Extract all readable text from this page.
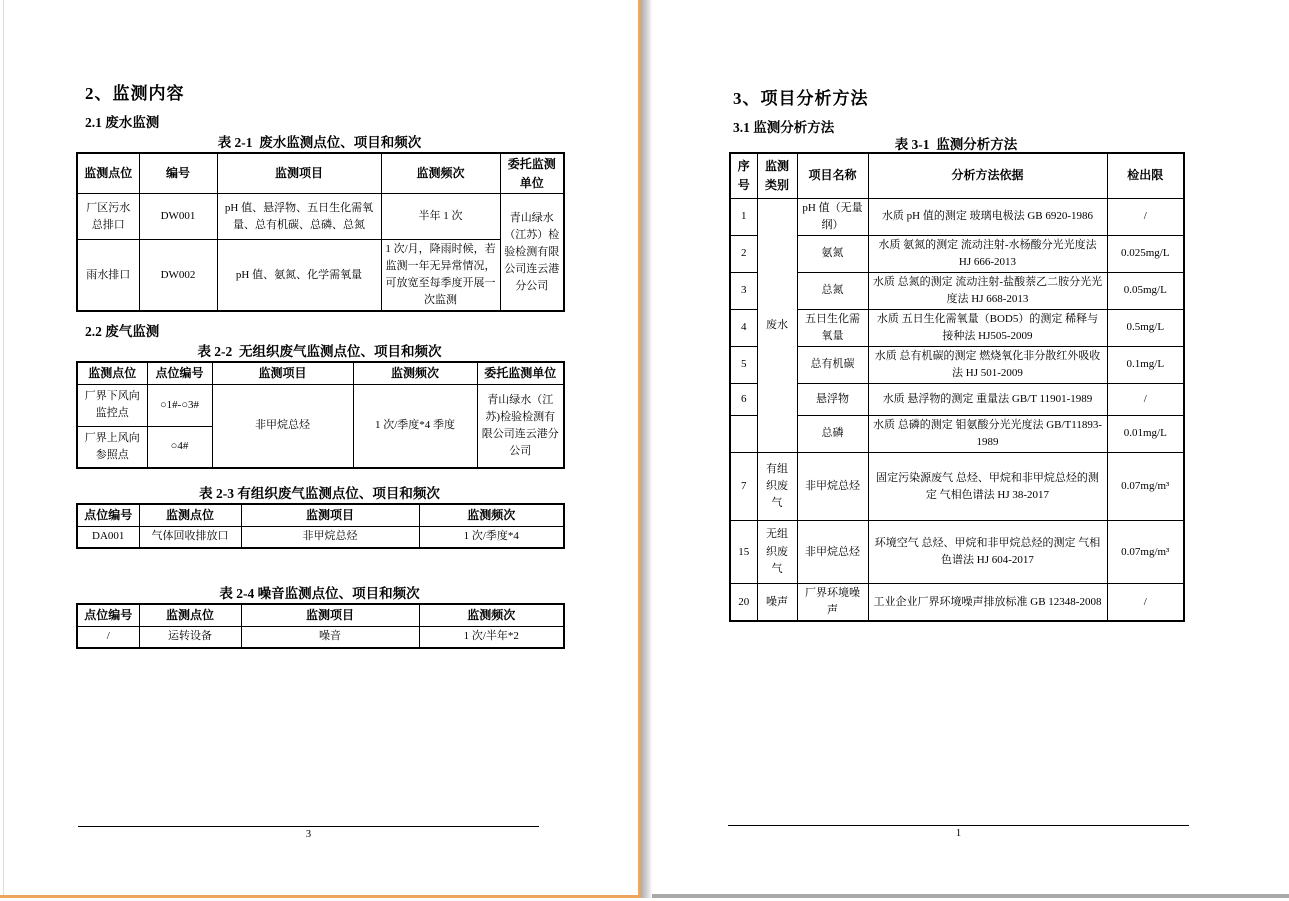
2、监测内容
2.1 废水监测
表 2-1  废水监测点位、项目和频次
监测点位	编号	监测项目	监测频次	委托监测单位
厂区污水总排口	DW001	pH 值、悬浮物、五日生化需氧量、总有机碳、总磷、总氮	半年 1 次	青山绿水（江苏）检验检测有限公司连云港分公司
雨水排口	DW002	pH 值、氨氮、化学需氧量	1 次/月，降雨时候，若监测一年无异常情况，可放宽至每季度开展一次监测	
2.2 废气监测
表 2-2  无组织废气监测点位、项目和频次
监测点位	点位编号	监测项目	监测频次	委托监测单位
厂界下风向监控点	○1#-○3#	非甲烷总烃	1 次/季度*4 季度	青山绿水（江苏)检验检测有限公司连云港分公司
厂界上风向参照点	○4#			
表 2-3 有组织废气监测点位、项目和频次
点位编号	监测点位	监测项目	监测频次
DA001	气体回收排放口	非甲烷总烃	1 次/季度*4
表 2-4 噪音监测点位、项目和频次
点位编号	监测点位	监测项目	监测频次
/	运转设备	噪音	1 次/半年*2
3
3、项目分析方法
3.1 监测分析方法
表 3-1  监测分析方法
序号	监测类别	项目名称	分析方法依据	检出限
1	废水	pH 值（无量纲）	水质 pH 值的测定 玻璃电极法 GB 6920-1986	/
2		氨氮	水质 氨氮的测定 流动注射-水杨酸分光光度法 HJ 666-2013	0.025mg/L
3		总氮	水质 总氮的测定 流动注射-盐酸萘乙二胺分光光度法 HJ 668-2013	0.05mg/L
4		五日生化需氧量	水质 五日生化需氧量（BOD5）的测定 稀释与接种法 HJ505-2009	0.5mg/L
5		总有机碳	水质 总有机碳的测定 燃烧氧化非分散红外吸收法 HJ 501-2009	0.1mg/L
6		悬浮物	水质 悬浮物的测定 重量法 GB/T 11901-1989	/
		总磷	水质 总磷的测定 钼氨酸分光光度法 GB/T11893-1989	0.01mg/L
7	有组织废气	非甲烷总烃	固定污染源废气 总烃、甲烷和非甲烷总烃的测定 气相色谱法 HJ 38-2017	0.07mg/m³
15	无组织废气	非甲烷总烃	环境空气 总烃、甲烷和非甲烷总烃的测定 气相色谱法 HJ 604-2017	0.07mg/m³
20	噪声	厂界环境噪声	工业企业厂界环境噪声排放标准 GB 12348-2008	/
1
